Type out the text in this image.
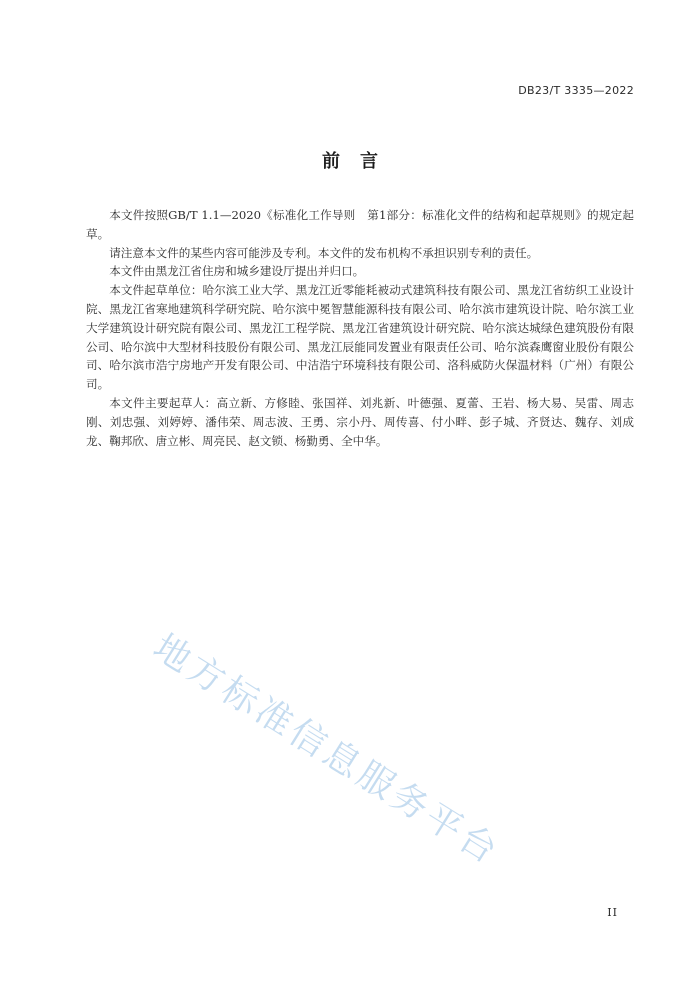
DB23/T 3335—2022
前言

本文件按照GB/T 1.1—2020《标准化工作导则　第1部分：标准化文件的结构和起草规则》的规定起草。

请注意本文件的某些内容可能涉及专利。本文件的发布机构不承担识别专利的责任。

本文件由黑龙江省住房和城乡建设厅提出并归口。

本文件起草单位：哈尔滨工业大学、黑龙江近零能耗被动式建筑科技有限公司、黑龙江省纺织工业设计院、黑龙江省寒地建筑科学研究院、哈尔滨中冕智慧能源科技有限公司、哈尔滨市建筑设计院、哈尔滨工业大学建筑设计研究院有限公司、黑龙江工程学院、黑龙江省建筑设计研究院、哈尔滨达城绿色建筑股份有限公司、哈尔滨中大型材科技股份有限公司、黑龙江辰能同发置业有限责任公司、哈尔滨森鹰窗业股份有限公司、哈尔滨市浩宁房地产开发有限公司、中洁浩宁环境科技有限公司、洛科威防火保温材料（广州）有限公司。

本文件主要起草人：高立新、方修睦、张国祥、刘兆新、叶德强、夏蕾、王岩、杨大易、吴雷、周志刚、刘忠强、刘婷婷、潘伟荣、周志波、王勇、宗小丹、周传喜、付小畔、彭子城、齐贤达、魏存、刘成龙、鞠邦欣、唐立彬、周亮民、赵文锁、杨勤勇、全中华。

地方标准信息服务平台
II
